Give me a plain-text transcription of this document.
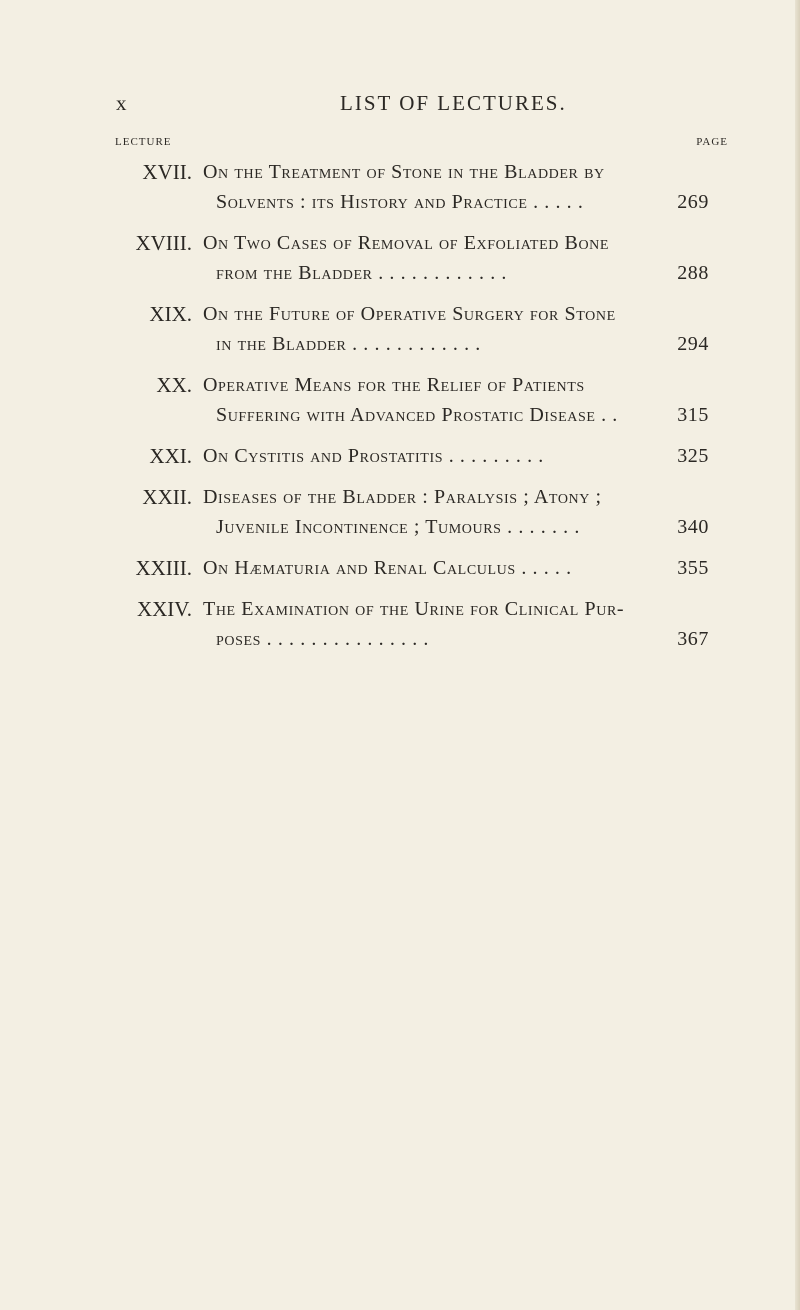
x	LIST OF LECTURES.
LECTURE	PAGE
XVII. On the Treatment of Stone in the Bladder by
Solvents : its History and Practice . . . . .	269
XVIII. On Two Cases of Removal of Exfoliated Bone
from the Bladder . . . . . . . . . . . .	288
XIX. On the Future of Operative Surgery for Stone
in the Bladder . . . . . . . . . . . .	294
XX. Operative Means for the Relief of Patients
Suffering with Advanced Prostatic Disease . .	315
XXI. On Cystitis and Prostatitis . . . . . . . . .	325
XXII. Diseases of the Bladder : Paralysis ; Atony ;
Juvenile Incontinence ; Tumours . . . . . . .	340
XXIII. On Hæmaturia and Renal Calculus . . . . .	355
XXIV. The Examination of the Urine for Clinical Pur-
poses . . . . . . . . . . . . . . .	367
